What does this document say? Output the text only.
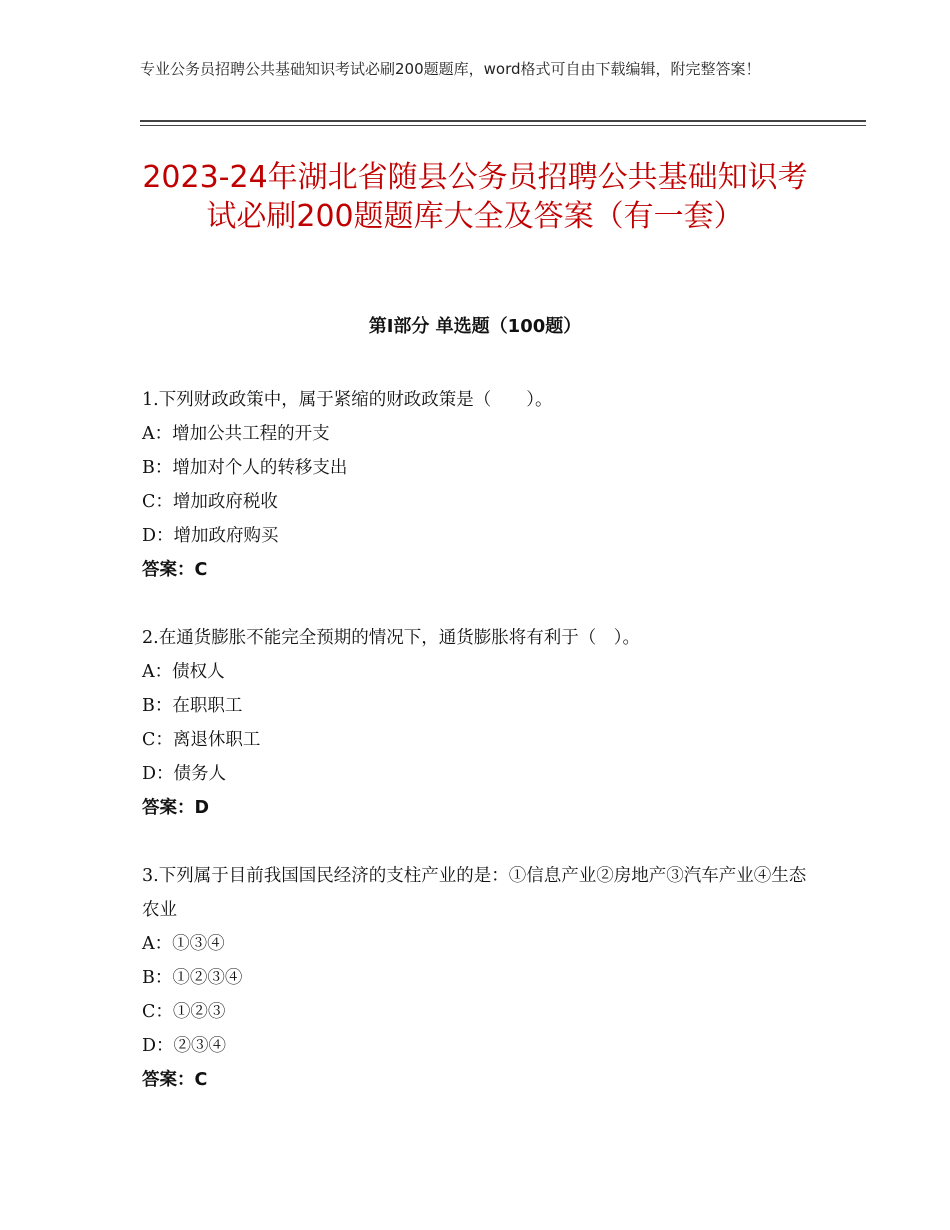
专业公务员招聘公共基础知识考试必刷200题题库，word格式可自由下载编辑，附完整答案！
2023-24年湖北省随县公务员招聘公共基础知识考试必刷200题题库大全及答案（有一套）
第Ⅰ部分 单选题（100题）

1.下列财政政策中，属于紧缩的财政政策是（　　）。

A：增加公共工程的开支

B：增加对个人的转移支出

C：增加政府税收

D：增加政府购买

答案：C

2.在通货膨胀不能完全预期的情况下，通货膨胀将有利于（　）。

A：债权人

B：在职职工

C：离退休职工

D：债务人

答案：D

3.下列属于目前我国国民经济的支柱产业的是：①信息产业②房地产③汽车产业④生态农业

A：①③④

B：①②③④

C：①②③

D：②③④

答案：C
